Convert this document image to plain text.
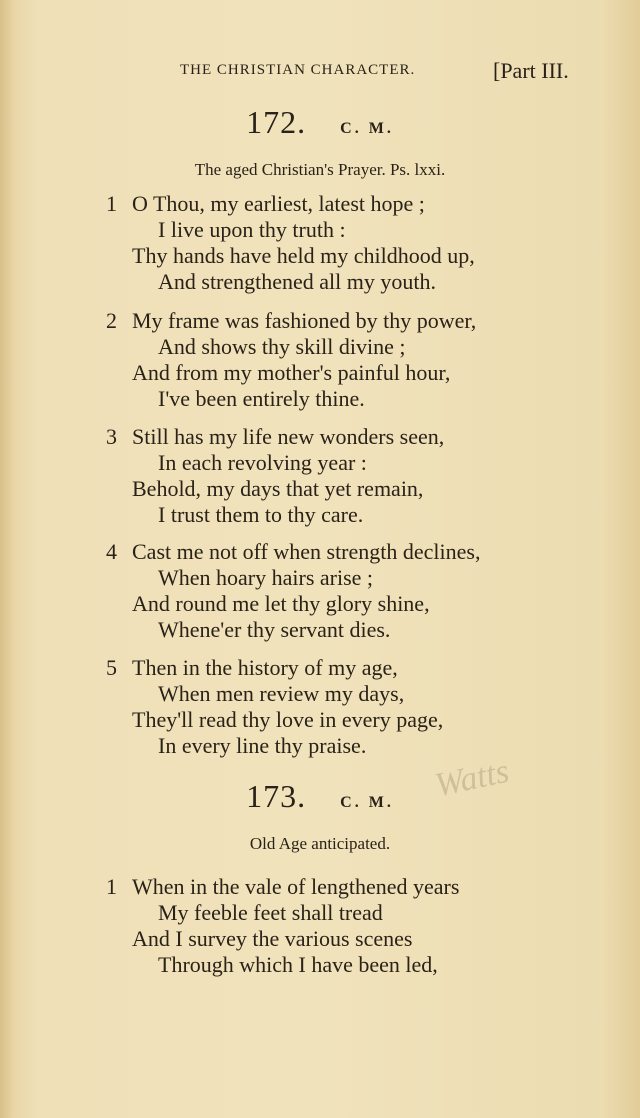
THE CHRISTIAN CHARACTER.	[Part III.
172. C. M.
The aged Christian's Prayer. Ps. lxxi.
1 O Thou, my earliest, latest hope ;
I live upon thy truth :
Thy hands have held my childhood up,
And strengthened all my youth.
2 My frame was fashioned by thy power,
And shows thy skill divine ;
And from my mother's painful hour,
I've been entirely thine.
3 Still has my life new wonders seen,
In each revolving year :
Behold, my days that yet remain,
I trust them to thy care.
4 Cast me not off when strength declines,
When hoary hairs arise ;
And round me let thy glory shine,
Whene'er thy servant dies.
5 Then in the history of my age,
When men review my days,
They'll read thy love in every page,
In every line thy praise.
Watts
173. C. M.
Old Age anticipated.
1 When in the vale of lengthened years
My feeble feet shall tread
And I survey the various scenes
Through which I have been led,
